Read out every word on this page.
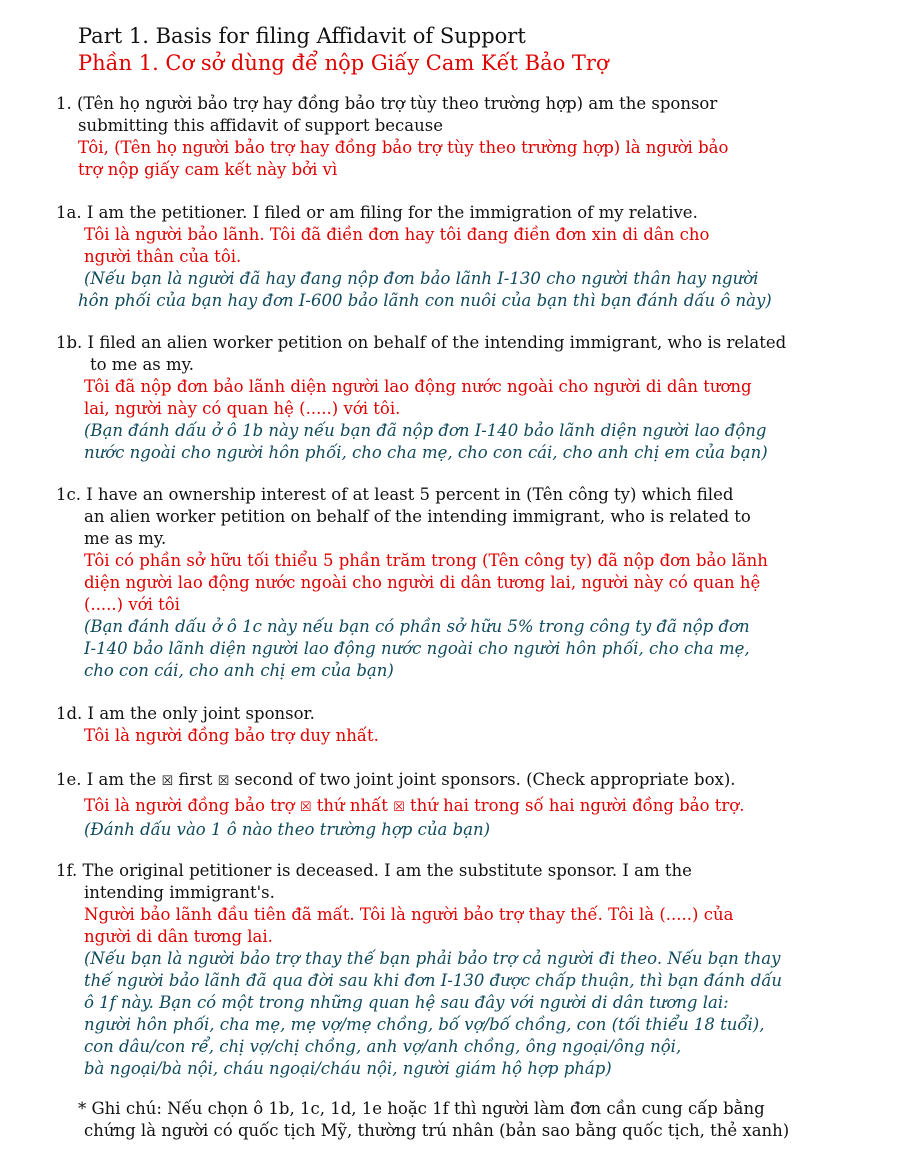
Part 1. Basis for filing Affidavit of Support
Phần 1. Cơ sở dùng để nộp Giấy Cam Kết Bảo Trợ
1. (Tên họ người bảo trợ hay đồng bảo trợ tùy theo trường hợp) am the sponsor
submitting this affidavit of support because
Tôi, (Tên họ người bảo trợ hay đồng bảo trợ tùy theo trường hợp) là người bảo
trợ nộp giấy cam kết này bởi vì
1a. I am the petitioner. I filed or am filing for the immigration of my relative.
Tôi là người bảo lãnh. Tôi đã điền đơn hay tôi đang điền đơn xin di dân cho
người thân của tôi.
(Nếu bạn là người đã hay đang nộp đơn bảo lãnh I-130 cho người thân hay người
hôn phối của bạn hay đơn I-600 bảo lãnh con nuôi của bạn thì bạn đánh dấu ô này)
1b. I filed an alien worker petition on behalf of the intending immigrant, who is related
to me as my.
Tôi đã nộp đơn bảo lãnh diện người lao động nước ngoài cho người di dân tương
lai, người này có quan hệ (.....) với tôi.
(Bạn đánh dấu ở ô 1b này nếu bạn đã nộp đơn I-140 bảo lãnh diện người lao động
nước ngoài cho người hôn phối, cho cha mẹ, cho con cái, cho anh chị em của bạn)
1c. I have an ownership interest of at least 5 percent in (Tên công ty) which filed
an alien worker petition on behalf of the intending immigrant, who is related to
me as my.
Tôi có phần sở hữu tối thiểu 5 phần trăm trong (Tên công ty) đã nộp đơn bảo lãnh
diện người lao động nước ngoài cho người di dân tương lai, người này có quan hệ
(.....) với tôi
(Bạn đánh dấu ở ô 1c này nếu bạn có phần sở hữu 5% trong công ty đã nộp đơn
I-140 bảo lãnh diện người lao động nước ngoài cho người hôn phối, cho cha mẹ,
cho con cái, cho anh chị em của bạn)
1d. I am the only joint sponsor.
Tôi là người đồng bảo trợ duy nhất.
1e. I am the ☒ first ☒ second of two joint joint sponsors. (Check appropriate box).
Tôi là người đồng bảo trợ ☒ thứ nhất ☒ thứ hai trong số hai người đồng bảo trợ.
(Đánh dấu vào 1 ô nào theo trường hợp của bạn)
1f. The original petitioner is deceased. I am the substitute sponsor. I am the
intending immigrant's.
Người bảo lãnh đầu tiên đã mất. Tôi là người bảo trợ thay thế. Tôi là (.....) của
người di dân tương lai.
(Nếu bạn là người bảo trợ thay thế bạn phải bảo trợ cả người đi theo. Nếu bạn thay
thế người bảo lãnh đã qua đời sau khi đơn I-130 được chấp thuận, thì bạn đánh dấu
ô 1f này. Bạn có một trong những quan hệ sau đây với người di dân tương lai:
người hôn phối, cha mẹ, mẹ vợ/mẹ chồng, bố vợ/bố chồng, con (tối thiểu 18 tuổi),
con dâu/con rể, chị vợ/chị chồng, anh vợ/anh chồng, ông ngoại/ông nội,
bà ngoại/bà nội, cháu ngoại/cháu nội, người giám hộ hợp pháp)
* Ghi chú: Nếu chọn ô 1b, 1c, 1d, 1e hoặc 1f thì người làm đơn cần cung cấp bằng
chứng là người có quốc tịch Mỹ, thường trú nhân (bản sao bằng quốc tịch, thẻ xanh)
